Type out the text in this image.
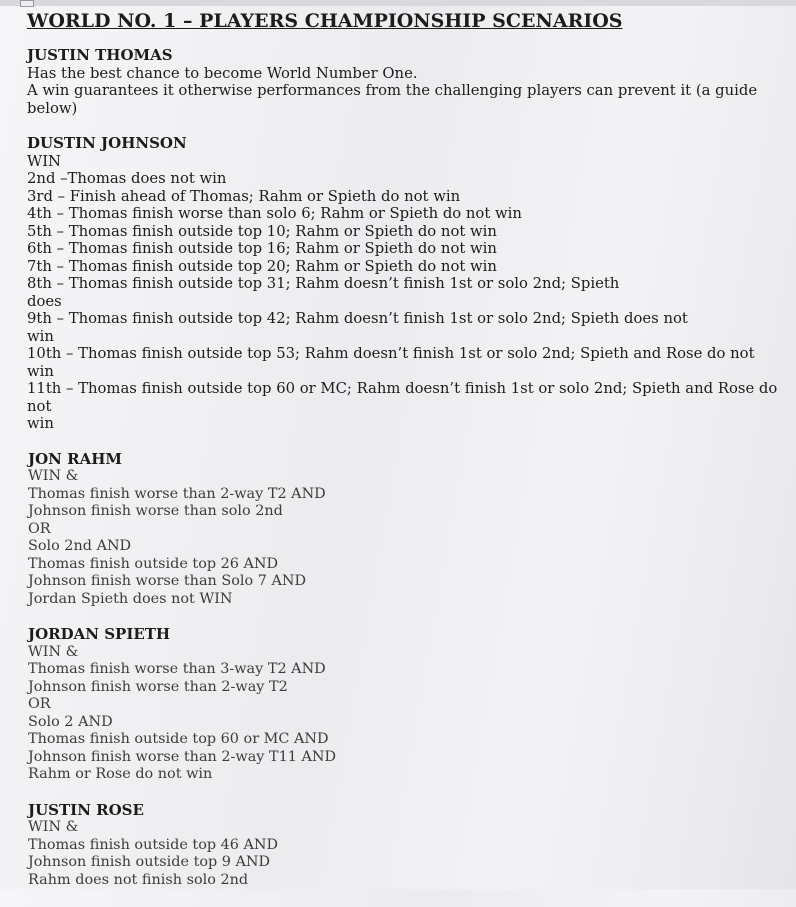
WORLD NO. 1 – PLAYERS CHAMPIONSHIP SCENARIOS
JUSTIN THOMAS
Has the best chance to become World Number One.
A win guarantees it otherwise performances from the challenging players can prevent it (a guide
below)
DUSTIN JOHNSON
WIN
2nd –Thomas does not win
3rd – Finish ahead of Thomas; Rahm or Spieth do not win
4th – Thomas finish worse than solo 6; Rahm or Spieth do not win
5th – Thomas finish outside top 10; Rahm or Spieth do not win
6th – Thomas finish outside top 16; Rahm or Spieth do not win
7th – Thomas finish outside top 20; Rahm or Spieth do not win
8th – Thomas finish outside top 31; Rahm doesn’t finish 1st or solo 2nd; Spieth
does
9th – Thomas finish outside top 42; Rahm doesn’t finish 1st or solo 2nd; Spieth does not
win
10th – Thomas finish outside top 53; Rahm doesn’t finish 1st or solo 2nd; Spieth and Rose do not
win
11th – Thomas finish outside top 60 or MC; Rahm doesn’t finish 1st or solo 2nd; Spieth and Rose do not
win
JON RAHM
WIN &
Thomas finish worse than 2-way T2 AND
Johnson finish worse than solo 2nd
OR
Solo 2nd AND
Thomas finish outside top 26 AND
Johnson finish worse than Solo 7 AND
Jordan Spieth does not WIN
JORDAN SPIETH
WIN &
Thomas finish worse than 3-way T2 AND
Johnson finish worse than 2-way T2
OR
Solo 2 AND
Thomas finish outside top 60 or MC AND
Johnson finish worse than 2-way T11 AND
Rahm or Rose do not win
JUSTIN ROSE
WIN &
Thomas finish outside top 46 AND
Johnson finish outside top 9 AND
Rahm does not finish solo 2nd
